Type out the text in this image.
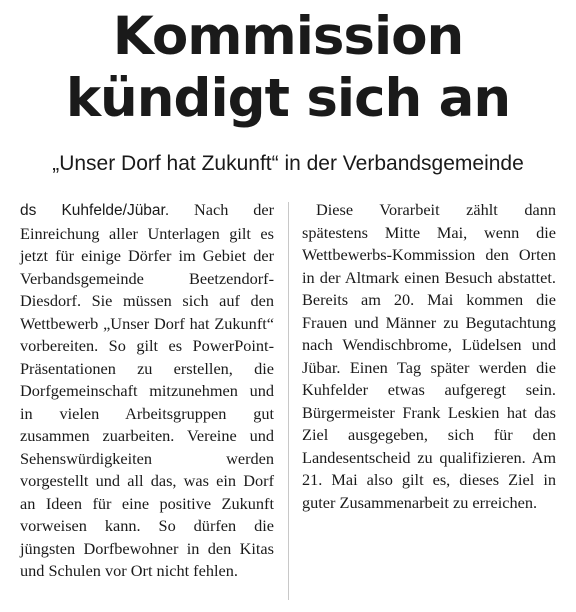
Kommission
kündigt sich an
„Unser Dorf hat Zukunft“ in der Verbandsgemeinde

ds Kuhfelde/Jübar. Nach der Einreichung aller Unterlagen gilt es jetzt für einige Dörfer im Gebiet der Verbandsgemeinde Beetzendorf-Diesdorf. Sie müssen sich auf den Wettbewerb „Unser Dorf hat Zukunft“ vorbereiten. So gilt es PowerPoint-Präsentationen zu erstellen, die Dorfgemeinschaft mitzunehmen und in vielen Arbeitsgruppen gut zusammen zuarbeiten. Vereine und Sehenswürdigkeiten werden vorgestellt und all das, was ein Dorf an Ideen für eine positive Zukunft vorweisen kann. So dürfen die jüngsten Dorfbewohner in den Kitas und Schulen vor Ort nicht fehlen.

Diese Vorarbeit zählt dann spätestens Mitte Mai, wenn die Wettbewerbs-Kommission den Orten in der Altmark einen Besuch abstattet. Bereits am 20. Mai kommen die Frauen und Männer zu Begutachtung nach Wendischbrome, Lüdelsen und Jübar. Einen Tag später werden die Kuhfelder etwas aufgeregt sein. Bürgermeister Frank Leskien hat das Ziel ausgegeben, sich für den Landesentscheid zu qualifizieren. Am 21. Mai also gilt es, dieses Ziel in guter Zusammenarbeit zu erreichen.
